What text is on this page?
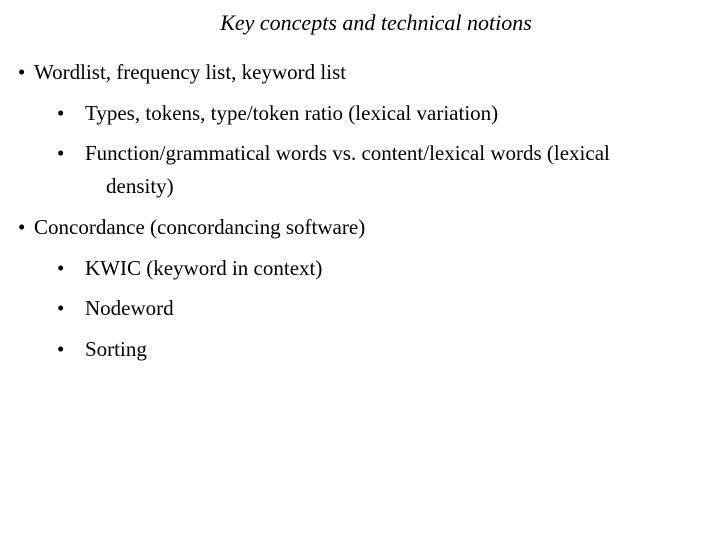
Key concepts and technical notions
• Wordlist, frequency list, keyword list
• Types, tokens, type/token ratio (lexical variation)
• Function/grammatical words vs. content/lexical words (lexical
density)
• Concordance (concordancing software)
• KWIC (keyword in context)
• Nodeword
• Sorting
